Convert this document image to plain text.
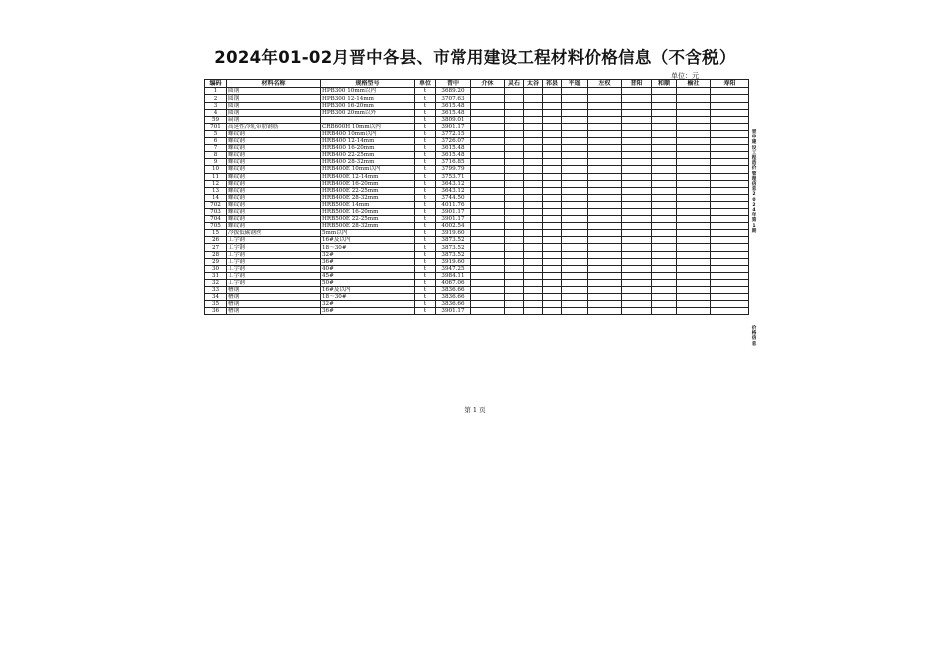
2024年01-02月晋中各县、市常用建设工程材料价格信息（不含税）
单位：元
编码	材料名称	规格型号	单位	晋中	介休	灵石	太谷	祁县	平遥	左权	昔阳	和顺	榆社	寿阳
1	圆钢	HPB300 10mm以内	t	3689.20										
2	圆钢	HPB300 12-14mm	t	3707.63										
3	圆钢	HPB300 16-20mm	t	3615.48										
4	圆钢	HPB300 20mm以外	t	3615.48										
59	扁钢		t	3809.01										
701	高延性冷轧带肋钢筋	CRB600H 10mm以内	t	3901.17										
5	螺纹钢	HRB400 10mm以内	t	3772.15										
6	螺纹钢	HRB400 12-14mm	t	3726.07										
7	螺纹钢	HRB400 16-20mm	t	3615.48										
8	螺纹钢	HRB400 22-25mm	t	3615.48										
9	螺纹钢	HRB400 28-32mm	t	3716.85										
10	螺纹钢	HRB400E 10mm以内	t	3799.79										
11	螺纹钢	HRB400E 12-14mm	t	3753.71										
12	螺纹钢	HRB400E 16-20mm	t	3643.12										
13	螺纹钢	HRB400E 22-25mm	t	3643.12										
14	螺纹钢	HRB400E 28-32mm	t	3744.50										
702	螺纹钢	HRB500E 14mm	t	4011.76										
703	螺纹钢	HRB500E 16-20mm	t	3901.17										
704	螺纹钢	HRB500E 22-25mm	t	3901.17										
705	螺纹钢	HRB500E 28-32mm	t	4002.54										
15	冷拔低碳钢丝	5mm以内	t	3919.60										
26	工字钢	16#及以内	t	3873.52										
27	工字钢	18～30#	t	3873.52										
28	工字钢	32#	t	3873.52										
29	工字钢	36#	t	3919.60										
30	工字钢	40#	t	3947.25										
31	工字钢	45#	t	3984.11										
32	工字钢	50#	t	4067.06										
33	槽钢	16#及以内	t	3836.66										
34	槽钢	18～30#	t	3836.66										
35	槽钢	32#	t	3836.66										
36	槽钢	36#	t	3901.17										
晋中建设工程造价管理信息2024年第1期
价格信息
第 1 页
